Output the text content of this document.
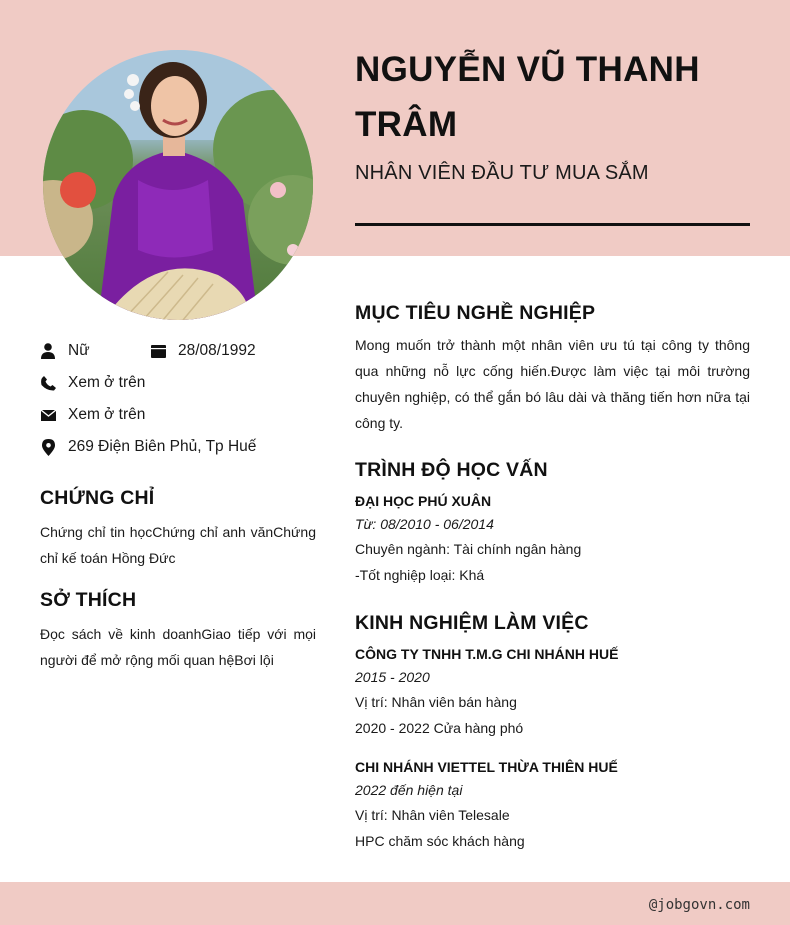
NGUYỄN VŨ THANH TRÂM
NHÂN VIÊN ĐẦU TƯ MUA SẮM
Nữ	28/08/1992
Xem ở trên
Xem ở trên
269 Điện Biên Phủ, Tp Huế
CHỨNG CHỈ
Chứng chỉ tin họcChứng chỉ anh vănChứng chỉ kế toán Hồng Đức
SỞ THÍCH
Đọc sách về kinh doanhGiao tiếp với mọi người để mở rộng mối quan hệBơi lội
MỤC TIÊU NGHỀ NGHIỆP
Mong muốn trở thành một nhân viên ưu tú tại công ty thông qua những nỗ lực cống hiến.Được làm việc tại môi trường chuyên nghiệp, có thể gắn bó lâu dài và thăng tiến hơn nữa tại công ty.
TRÌNH ĐỘ HỌC VẤN
ĐẠI HỌC PHÚ XUÂN
Từ: 08/2010 - 06/2014
Chuyên ngành: Tài chính ngân hàng
-Tốt nghiệp loại: Khá
KINH NGHIỆM LÀM VIỆC
CÔNG TY TNHH T.M.G CHI NHÁNH HUẾ
2015 - 2020
Vị trí: Nhân viên bán hàng
2020 - 2022 Cửa hàng phó
CHI NHÁNH VIETTEL THỪA THIÊN HUẾ
2022 đến hiện tại
Vị trí: Nhân viên Telesale
HPC chăm sóc khách hàng
@jobgovn.com
